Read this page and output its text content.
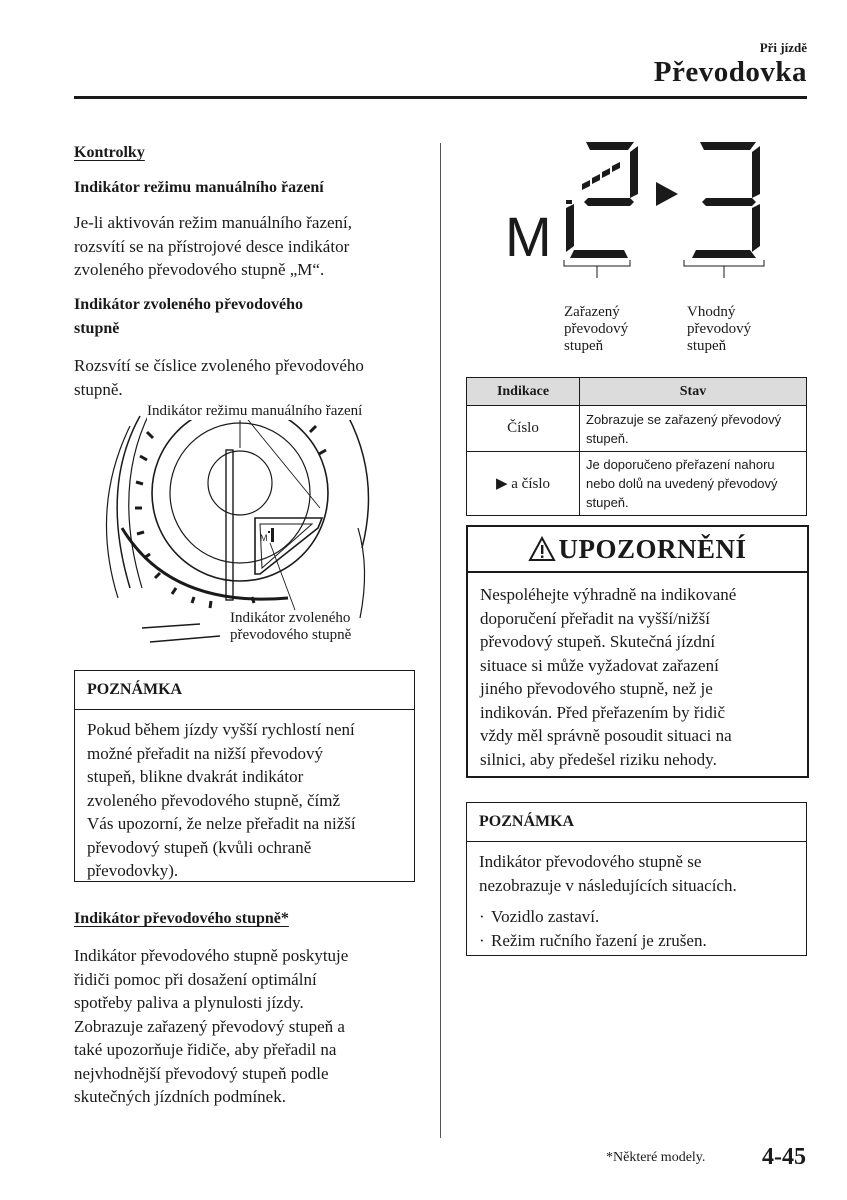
Při jízdě
Převodovka
Kontrolky
Indikátor režimu manuálního řazení
Je-li aktivován režim manuálního řazení,
rozsvítí se na přístrojové desce indikátor
zvoleného převodového stupně „M“.
Indikátor zvoleného převodového
stupně
Rozsvítí se číslice zvoleného převodového
stupně.
M
Indikátor režimu manuálního řazení
Indikátor zvoleného
převodového stupně
POZNÁMKA
Pokud během jízdy vyšší rychlostí není
možné přeřadit na nižší převodový
stupeň, blikne dvakrát indikátor
zvoleného převodového stupně, čímž
Vás upozorní, že nelze přeřadit na nižší
převodový stupeň (kvůli ochraně
převodovky).
Indikátor převodového stupně*
Indikátor převodového stupně poskytuje
řidiči pomoc při dosažení optimální
spotřeby paliva a plynulosti jízdy.
Zobrazuje zařazený převodový stupeň a
také upozorňuje řidiče, aby přeřadil na
nejvhodnější převodový stupeň podle
skutečných jízdních podmínek.
M
Zařazený
převodový
stupeň
Vhodný
převodový
stupeň
Indikace	Stav
Číslo	Zobrazuje se zařazený převodový
stupeň.

▶ a číslo	Je doporučeno přeřazení nahoru
nebo dolů na uvedený převodový
stupeň.
UPOZORNĚNÍ
Nespoléhejte výhradně na indikované
doporučení přeřadit na vyšší/nižší
převodový stupeň. Skutečná jízdní
situace si může vyžadovat zařazení
jiného převodového stupně, než je
indikován. Před přeřazením by řidič
vždy měl správně posoudit situaci na
silnici, aby předešel riziku nehody.
POZNÁMKA
Indikátor převodového stupně se
nezobrazuje v následujících situacích.
· Vozidlo zastaví.
· Režim ručního řazení je zrušen.
*Některé modely. 4-45
